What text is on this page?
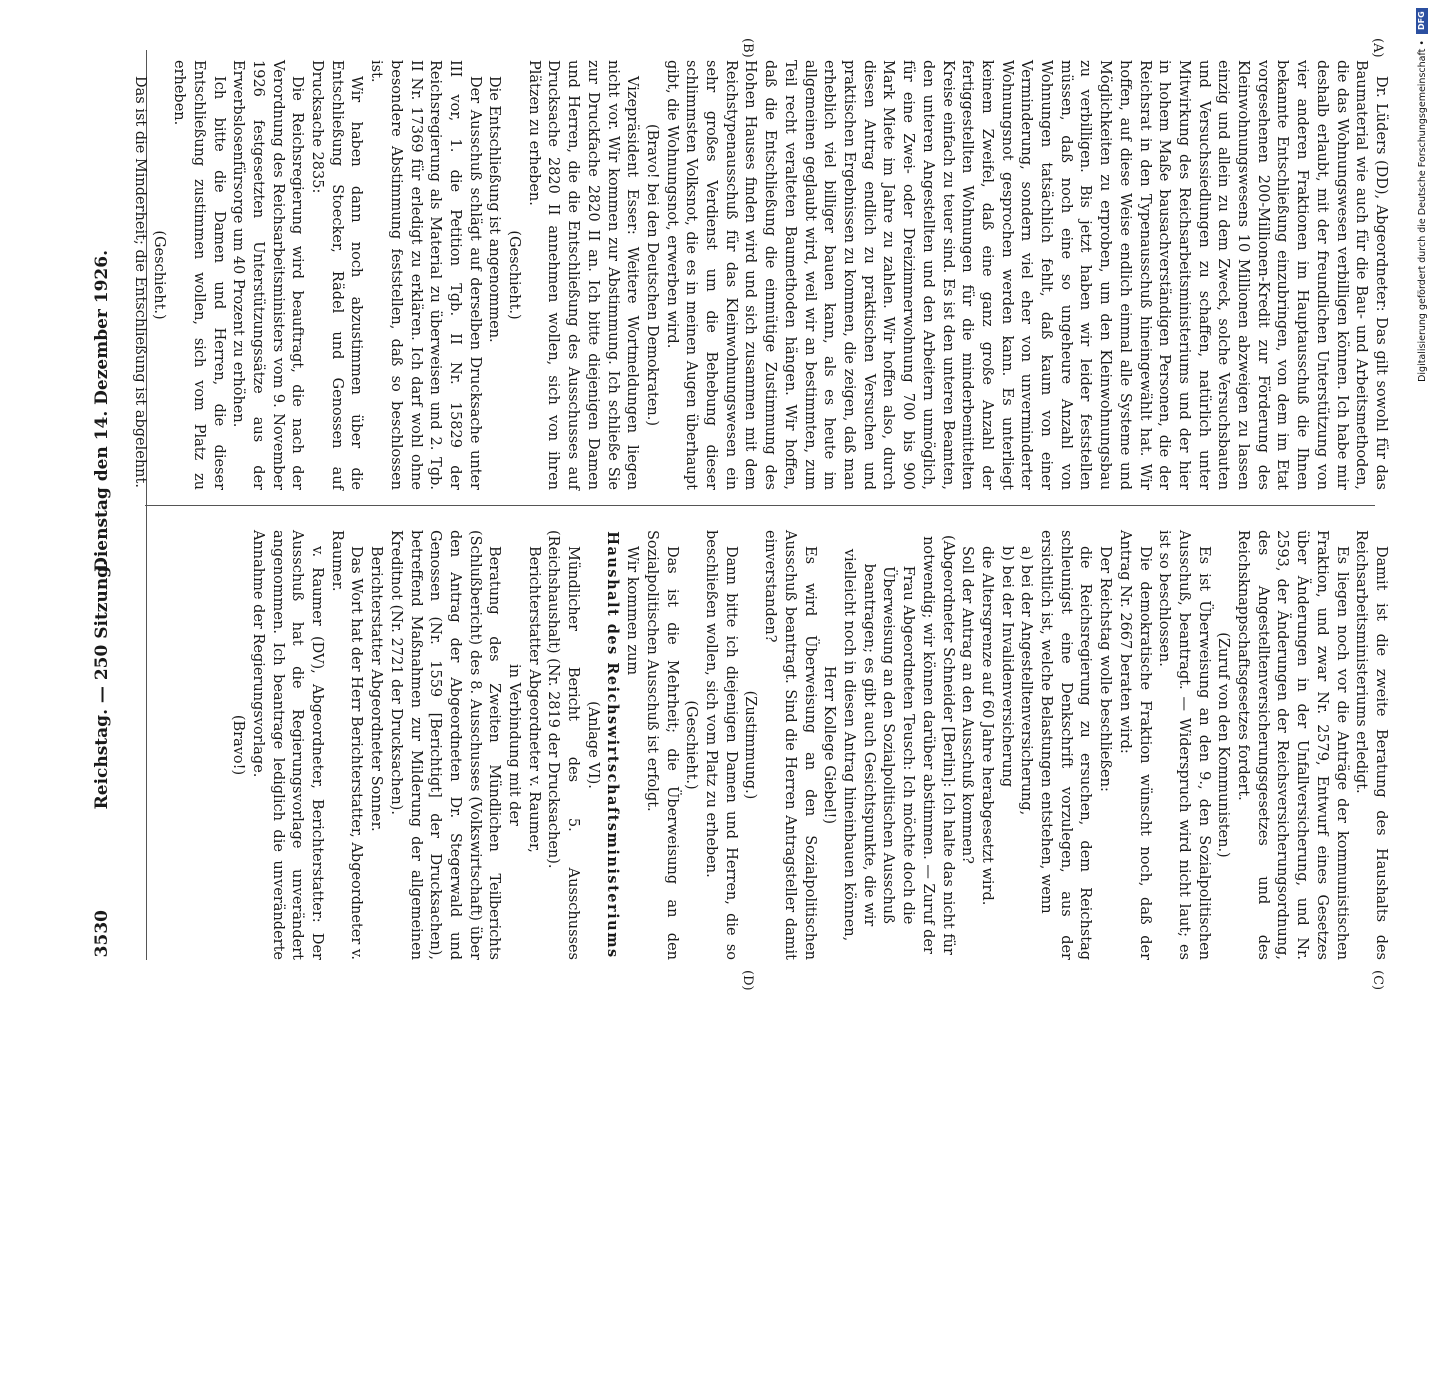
(A)
(B)
(C)
(D)

Dr. Lüders (DD), Abgeordneter: Das gilt sowohl für das Baumaterial wie auch für die Bau- und Arbeitsmethoden, die das Wohnungswesen verbilligen können. Ich habe mir deshalb erlaubt, mit der freundlichen Unterstützung von vier anderen Fraktionen im Hauptausschuß die Ihnen bekannte Entschließung einzubringen, von dem im Etat vorgesehenen 200-Millionen-Kredit zur Förderung des Kleinwohnungswesens 10 Millionen abzweigen zu lassen einzig und allein zu dem Zweck, solche Versuchsbauten und Versuchssiedlungen zu schaffen, natürlich unter Mitwirkung des Reichsarbeitsministeriums und der hier in hohem Maße bausachverständigen Personen, die der Reichsrat in den Typenausschuß hineingewählt hat. Wir hoffen, auf diese Weise endlich einmal alle Systeme und Möglichkeiten zu erproben, um den Kleinwohnungsbau zu verbilligen. Bis jetzt haben wir leider feststellen müssen, daß noch eine so ungeheure Anzahl von Wohnungen tatsächlich fehlt, daß kaum von einer Verminderung, sondern viel eher von unverminderter Wohnungsnot gesprochen werden kann. Es unterliegt keinem Zweifel, daß eine ganz große Anzahl der fertiggestellten Wohnungen für die minderbemittelten Kreise einfach zu teuer sind. Es ist den unteren Beamten, den unteren Angestellten und den Arbeitern unmöglich, für eine Zwei- oder Dreizimmerwohnung 700 bis 900 Mark Miete im Jahre zu zahlen. Wir hoffen also, durch diesen Antrag endlich zu praktischen Versuchen und praktischen Ergebnissen zu kommen, die zeigen, daß man erheblich viel billiger bauen kann, als es heute im allgemeinen geglaubt wird, weil wir an bestimmten, zum Teil recht veralteten Baumethoden hängen. Wir hoffen, daß die Entschließung die einmütige Zustimmung des Hohen Hauses finden wird und sich zusammen mit dem Reichstypenausschuß für das Kleinwohnungswesen ein sehr großes Verdienst um die Behebung dieser schlimmsten Volksnot, die es in meinen Augen überhaupt gibt, die Wohnungsnot, erwerben wird.

(Bravo! bei den Deutschen Demokraten.)

Vizepräsident Esser: Weitere Wortmeldungen liegen nicht vor. Wir kommen zur Abstimmung. Ich schließe Sie zur Druckfache 2820 II an. Ich bitte diejenigen Damen und Herren, die die Entschließung des Ausschusses auf Drucksache 2820 II annehmen wollen, sich von ihren Plätzen zu erheben.

(Geschieht.)

Die Entschließung ist angenommen.

Der Ausschuß schlägt auf derselben Drucksache unter III vor, 1. die Petition Tgb. II Nr. 15829 der Reichsregierung als Material zu überweisen und 2. Tgb. II Nr. 17369 für erledigt zu erklären. Ich darf wohl ohne besondere Abstimmung feststellen, daß so beschlossen ist.

Wir haben dann noch abzustimmen über die Entschließung Stoecker, Rädel und Genossen auf Drucksache 2835:

Die Reichsregierung wird beauftragt, die nach der Verordnung des Reichsarbeitsministers vom 9. November 1926 festgesetzten Unterstützungssätze aus der Erwerbslosenfürsorge um 40 Prozent zu erhöhen.

Ich bitte die Damen und Herren, die dieser Entschließung zustimmen wollen, sich vom Platz zu erheben.

(Geschieht.)

Das ist die Minderheit; die Entschließung ist abgelehnt.

Damit ist die zweite Beratung des Haushalts des Reichsarbeitsministeriums erledigt.

Es liegen noch vor die Anträge der kommunistischen Fraktion, und zwar Nr. 2579, Entwurf eines Gesetzes über Änderungen in der Unfallversicherung, und Nr. 2593, der Änderungen der Reichsversicherungsordnung, des Angestelltenversicherungsgesetzes und des Reichsknappschaftsgesetzes fordert.

(Zuruf von den Kommunisten.)

Es ist Überweisung an den 9., den Sozialpolitischen Ausschuß, beantragt. — Widerspruch wird nicht laut; es ist so beschlossen.

Die demokratische Fraktion wünscht noch, daß der Antrag Nr. 2667 beraten wird:

Der Reichstag wolle beschließen:

die Reichsregierung zu ersuchen, dem Reichstag schleunigst eine Denkschrift vorzulegen, aus der ersichtlich ist, welche Belastungen entstehen, wenn

a) bei der Angestelltenversicherung,

b) bei der Invalidenversicherung

die Altersgrenze auf 60 Jahre herabgesetzt wird.

Soll der Antrag an den Ausschuß kommen?

(Abgeordneter Schneider [Berlin]: Ich halte das nicht für notwendig; wir können darüber abstimmen. — Zuruf der Frau Abgeordneten Teusch: Ich möchte doch die Überweisung an den Sozialpolitischen Ausschuß beantragen; es gibt auch Gesichtspunkte, die wir vielleicht noch in diesen Antrag hineinbauen können, Herr Kollege Giebel!)

Es wird Überweisung an den Sozialpolitischen Ausschuß beantragt. Sind die Herren Antragsteller damit einverstanden?

(Zustimmung.)

Dann bitte ich diejenigen Damen und Herren, die so beschließen wollen, sich vom Platz zu erheben.

(Geschieht.)

Das ist die Mehrheit; die Überweisung an den Sozialpolitischen Ausschuß ist erfolgt.

Wir kommen zum

Haushalt des Reichswirtschaftsministeriums

(Anlage VI).

Mündlicher Bericht des 5. Ausschusses (Reichshaushalt) (Nr. 2819 der Drucksachen).

Berichterstatter Abgeordneter v. Raumer,

in Verbindung mit der

Beratung des Zweiten Mündlichen Teilberichts (Schlußbericht) des 8. Ausschusses (Volkswirtschaft) über den Antrag der Abgeordneten Dr. Stegerwald und Genossen (Nr. 1559 [Berichtigt] der Drucksachen), betreffend Maßnahmen zur Milderung der allgemeinen Kreditnot (Nr. 2721 der Drucksachen).

Berichterstatter Abgeordneter Sonner.

Das Wort hat der Herr Berichterstatter, Abgeordneter v. Raumer.

v. Raumer (DV), Abgeordneter, Berichterstatter: Der Ausschuß hat die Regierungsvorlage unverändert angenommen. Ich beantrage lediglich die unveränderte Annahme der Regierungsvorlage.

(Bravo!)

3530
Reichstag. — 250 Sitzung.
Dienstag den 14. Dezember 1926.
DFG
Digitalisierung gefördert durch die Deutsche Forschungsgemeinschaft •
